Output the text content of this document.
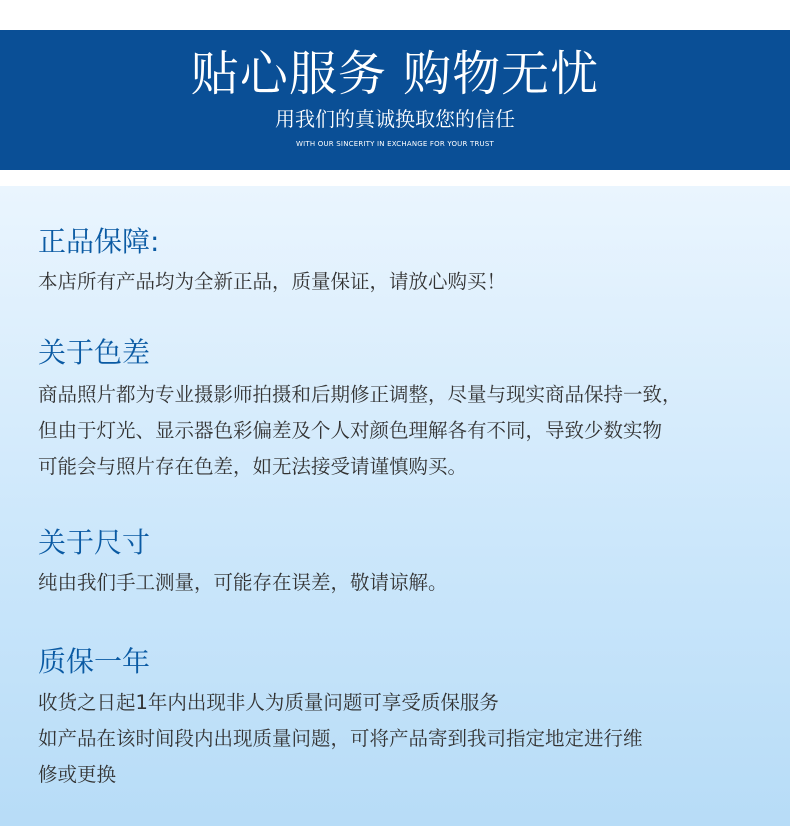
贴心服务 购物无忧
用我们的真诚换取您的信任
WITH OUR SINCERITY IN EXCHANGE FOR YOUR TRUST
正品保障:

本店所有产品均为全新正品，质量保证，请放心购买！

关于色差

商品照片都为专业摄影师拍摄和后期修正调整，尽量与现实商品保持一致，

但由于灯光、显示器色彩偏差及个人对颜色理解各有不同，导致少数实物

可能会与照片存在色差，如无法接受请谨慎购买。

关于尺寸

纯由我们手工测量，可能存在误差，敬请谅解。

质保一年

收货之日起1年内出现非人为质量问题可享受质保服务

如产品在该时间段内出现质量问题，可将产品寄到我司指定地定进行维

修或更换
